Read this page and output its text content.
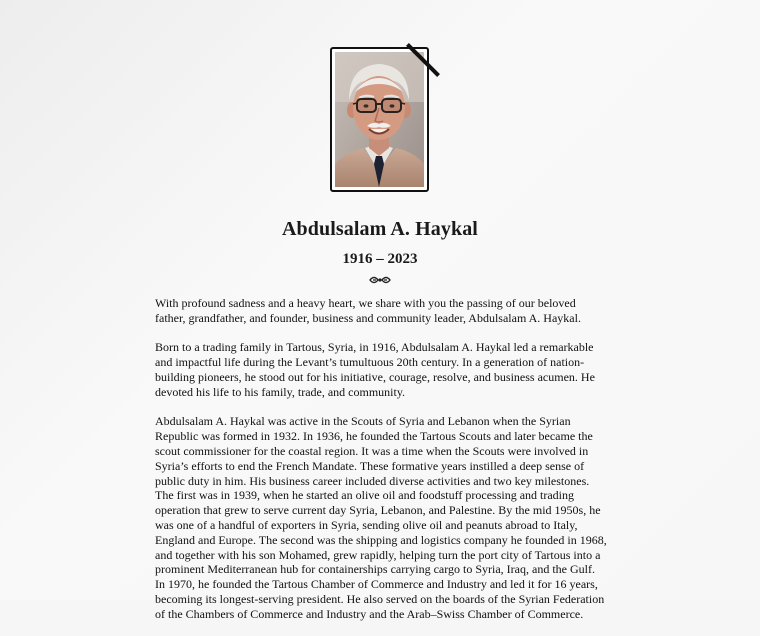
Abdulsalam A. Haykal
1916 – 2023

With profound sadness and a heavy heart, we share with you the passing of our beloved father, grandfather, and founder, business and community leader, Abdulsalam A. Haykal.

Born to a trading family in Tartous, Syria, in 1916, Abdulsalam A. Haykal led a remarkable and impactful life during the Levant’s tumultuous 20th century. In a generation of nation-building pioneers, he stood out for his initiative, courage, resolve, and business acumen. He devoted his life to his family, trade, and community.

Abdulsalam A. Haykal was active in the Scouts of Syria and Lebanon when the Syrian Republic was formed in 1932. In 1936, he founded the Tartous Scouts and later became the scout commissioner for the coastal region. It was a time when the Scouts were involved in Syria’s efforts to end the French Mandate. These formative years instilled a deep sense of public duty in him. His business career included diverse activities and two key milestones. The first was in 1939, when he started an olive oil and foodstuff processing and trading operation that grew to serve current day Syria, Lebanon, and Palestine. By the mid 1950s, he was one of a handful of exporters in Syria, sending olive oil and peanuts abroad to Italy, England and Europe. The second was the shipping and logistics company he founded in 1968, and together with his son Mohamed, grew rapidly, helping turn the port city of Tartous into a prominent Mediterranean hub for containerships carrying cargo to Syria, Iraq, and the Gulf. In 1970, he founded the Tartous Chamber of Commerce and Industry and led it for 16 years, becoming its longest-serving president. He also served on the boards of the Syrian Federation of the Chambers of Commerce and Industry and the Arab–Swiss Chamber of Commerce.
